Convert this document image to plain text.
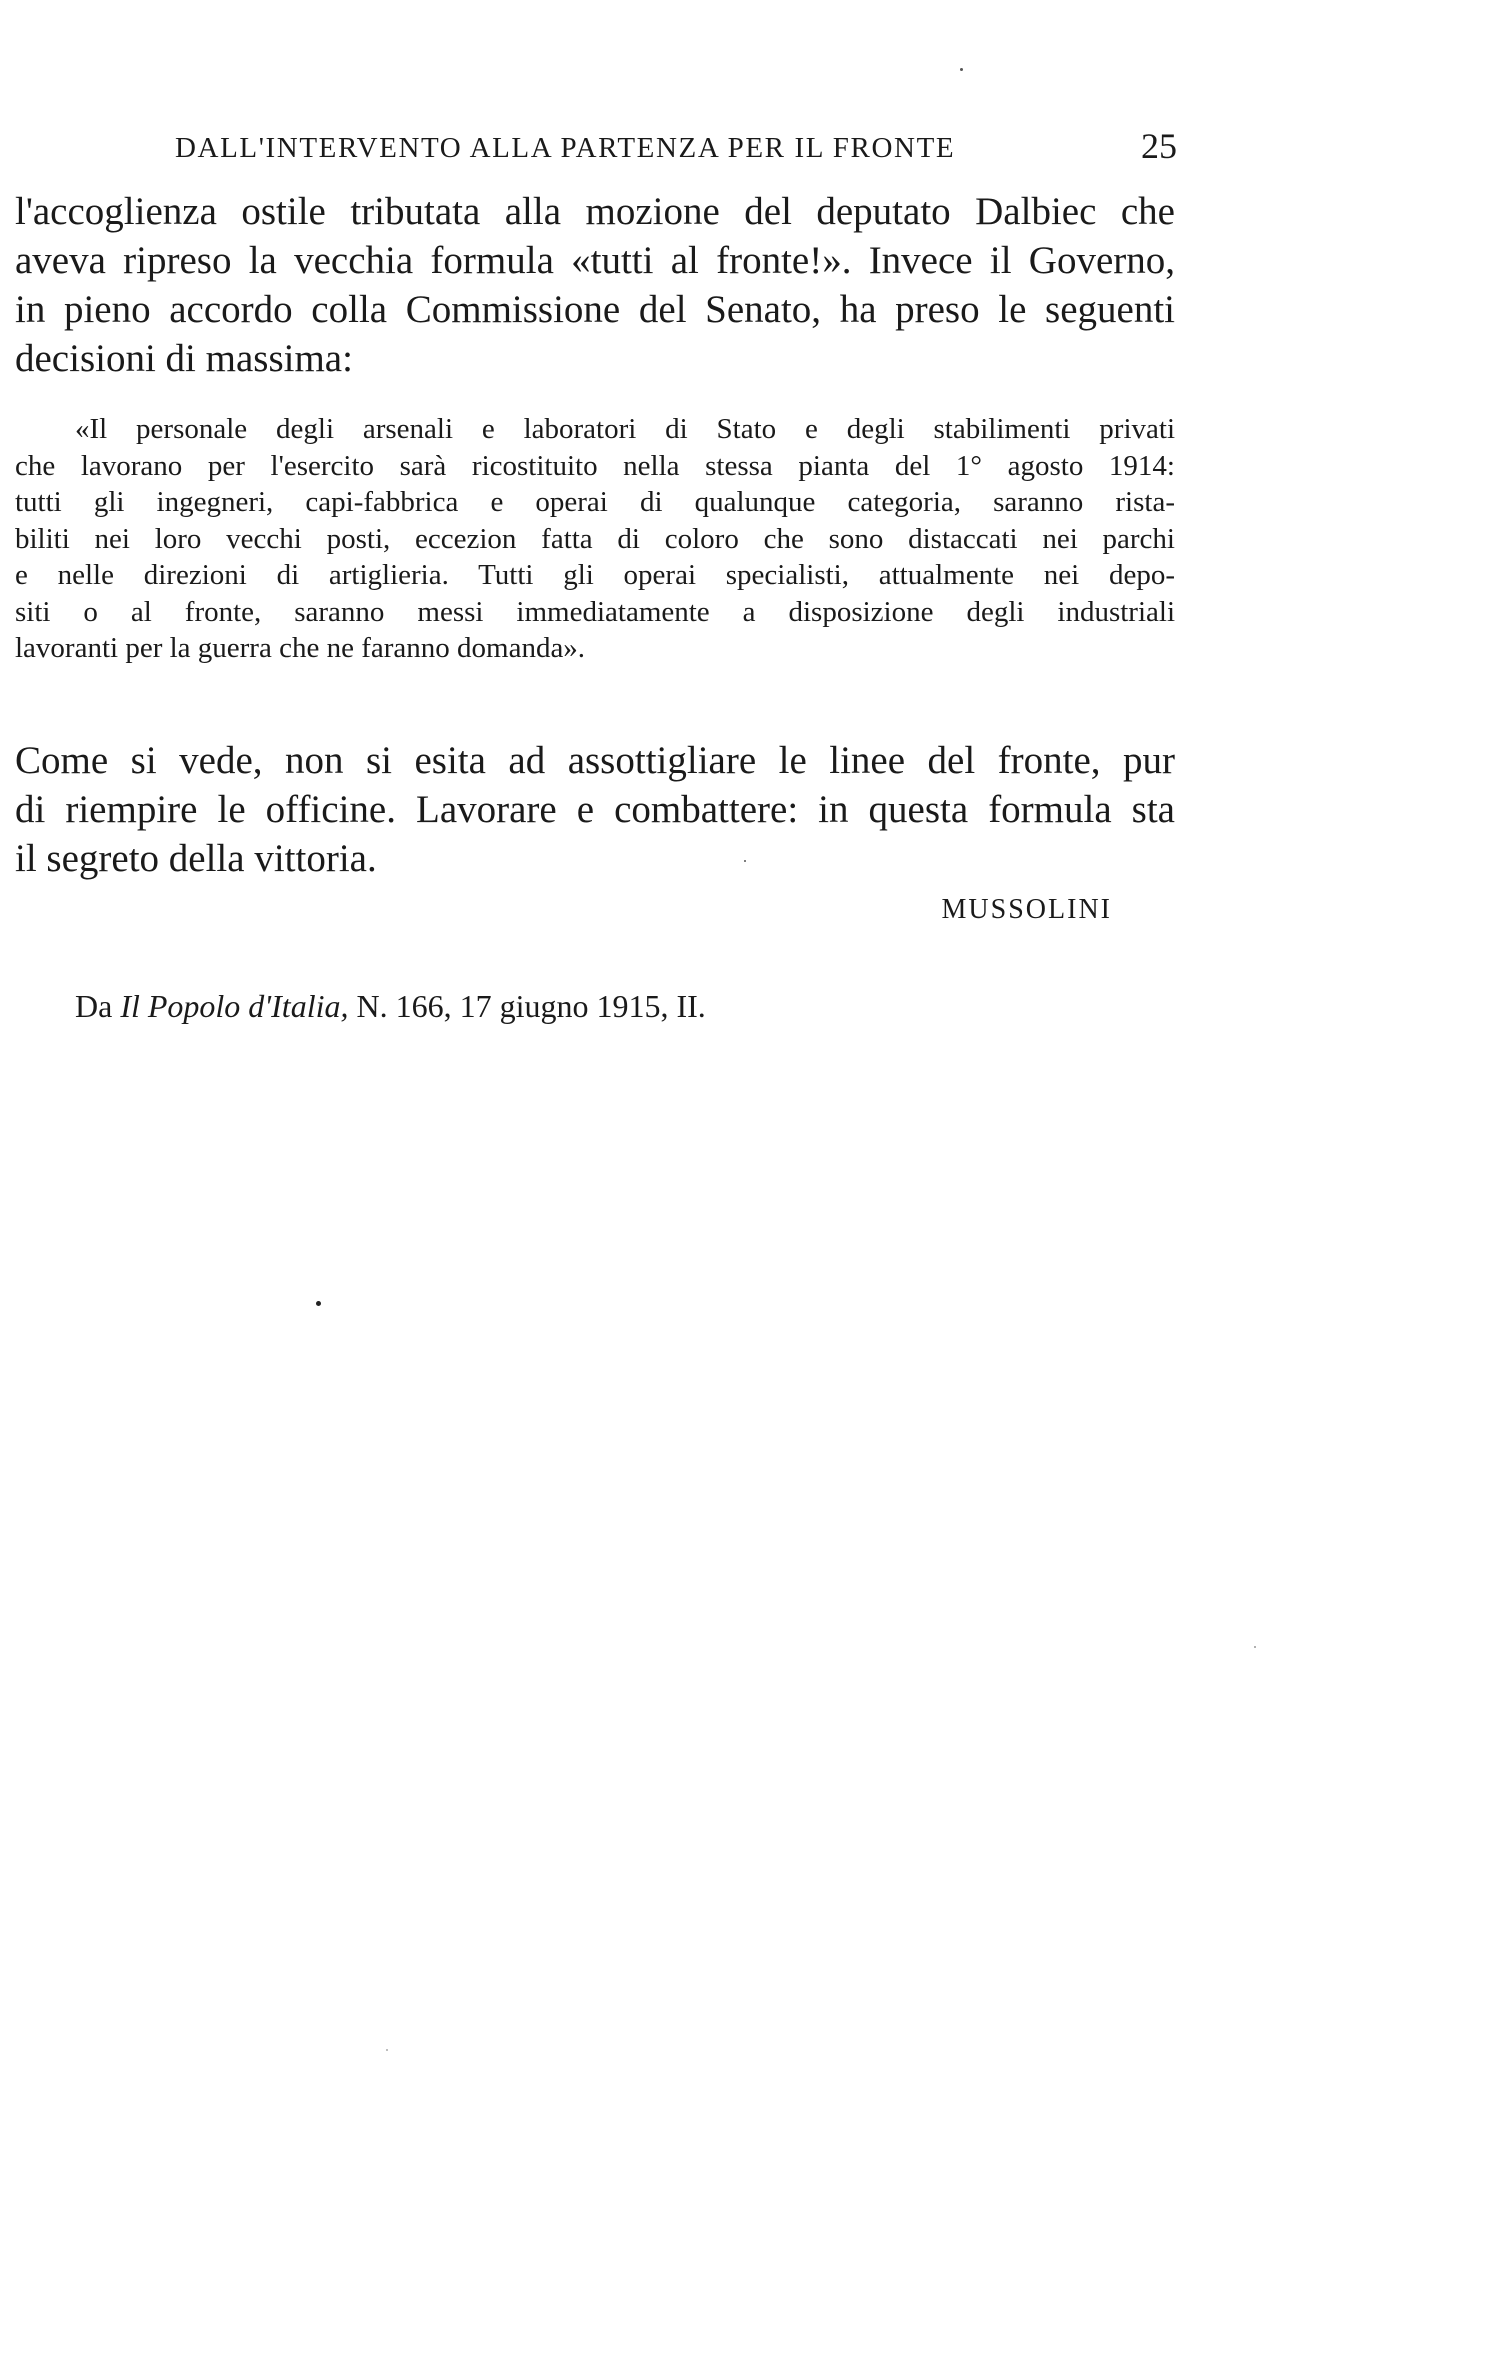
DALL'INTERVENTO ALLA PARTENZA PER IL FRONTE	25
l'accoglienza ostile tributata alla mozione del deputato Dalbiec che
aveva ripreso la vecchia formula «tutti al fronte!». Invece il Governo,
in pieno accordo colla Commissione del Senato, ha preso le seguenti
decisioni di massima:
«Il personale degli arsenali e laboratori di Stato e degli stabilimenti privati
che lavorano per l'esercito sarà ricostituito nella stessa pianta del 1° agosto 1914:
tutti gli ingegneri, capi-fabbrica e operai di qualunque categoria, saranno rista-
biliti nei loro vecchi posti, eccezion fatta di coloro che sono distaccati nei parchi
e nelle direzioni di artiglieria. Tutti gli operai specialisti, attualmente nei depo-
siti o al fronte, saranno messi immediatamente a disposizione degli industriali
lavoranti per la guerra che ne faranno domanda».
Come si vede, non si esita ad assottigliare le linee del fronte, pur
di riempire le officine. Lavorare e combattere: in questa formula sta
il segreto della vittoria.
MUSSOLINI
Da Il Popolo d'Italia, N. 166, 17 giugno 1915, II.
